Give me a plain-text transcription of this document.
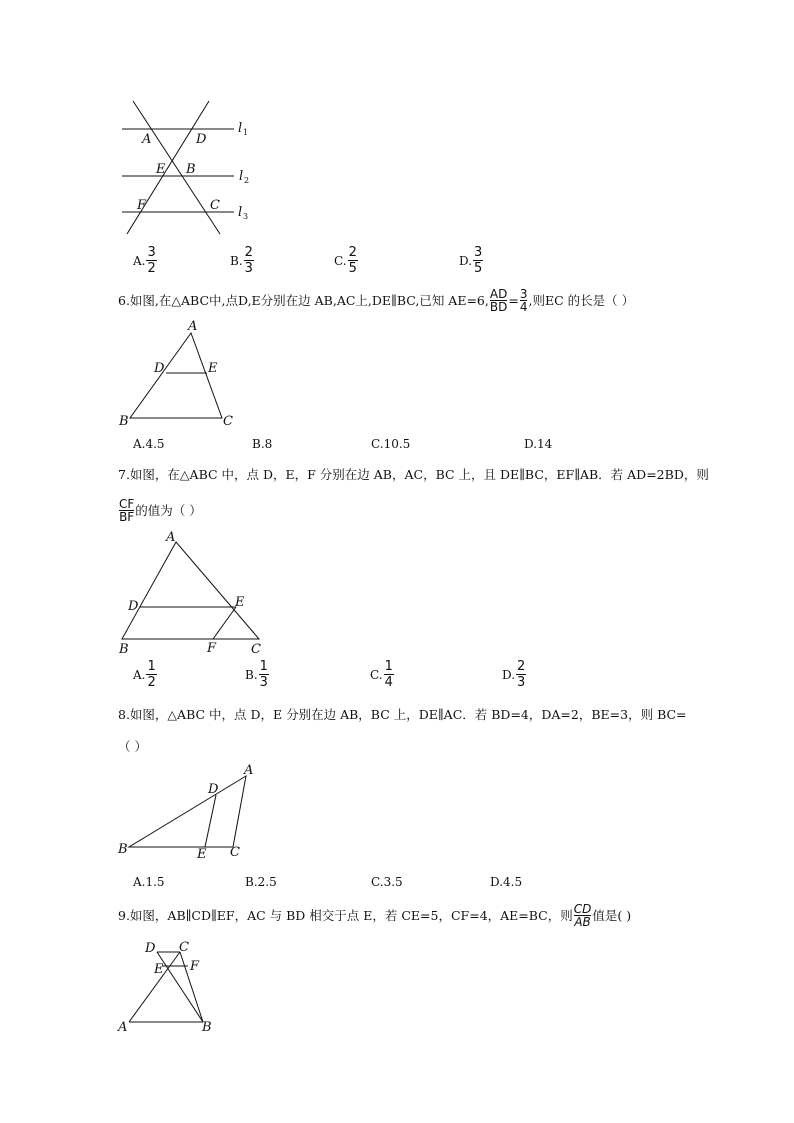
A	D
E B
F	C
l 1
l 2
l 3
A. $\frac{3}{2}$	B. $\frac{2}{3}$	C. $\frac{2}{5}$	D. $\frac{3}{5}$
6.如图,在△ABC中,点D,E分别在边 AB,AC上,DE∥BC,已知 AE=6, $\frac{AD}{BD} = \frac{3}{4}$ ,则EC 的长是（ ）
A
D	E
B	C
A.4.5	B.8	C.10.5	D.14
7.如图，在△ABC 中，点 D，E，F 分别在边 AB，AC，BC 上，且 DE∥BC，EF∥AB．若 AD=2BD，则
$\frac{CF}{BF}$ 的值为（ ）
A
D	E
B	F	C
A. $\frac{1}{2}$	B. $\frac{1}{3}$	C. $\frac{1}{4}$	D. $\frac{2}{3}$
8.如图，△ABC 中，点 D，E 分别在边 AB，BC 上，DE∥AC．若 BD=4，DA=2，BE=3，则 BC=
（ ）
A
D
B	E C
A.1.5	B.2.5	C.3.5	D.4.5
9.如图，AB∥CD∥EF，AC 与 BD 相交于点 E，若 CE=5，CF=4，AE=BC，则 $\frac{CD}{AB}$ 值是( )
D C
E F
A	B
